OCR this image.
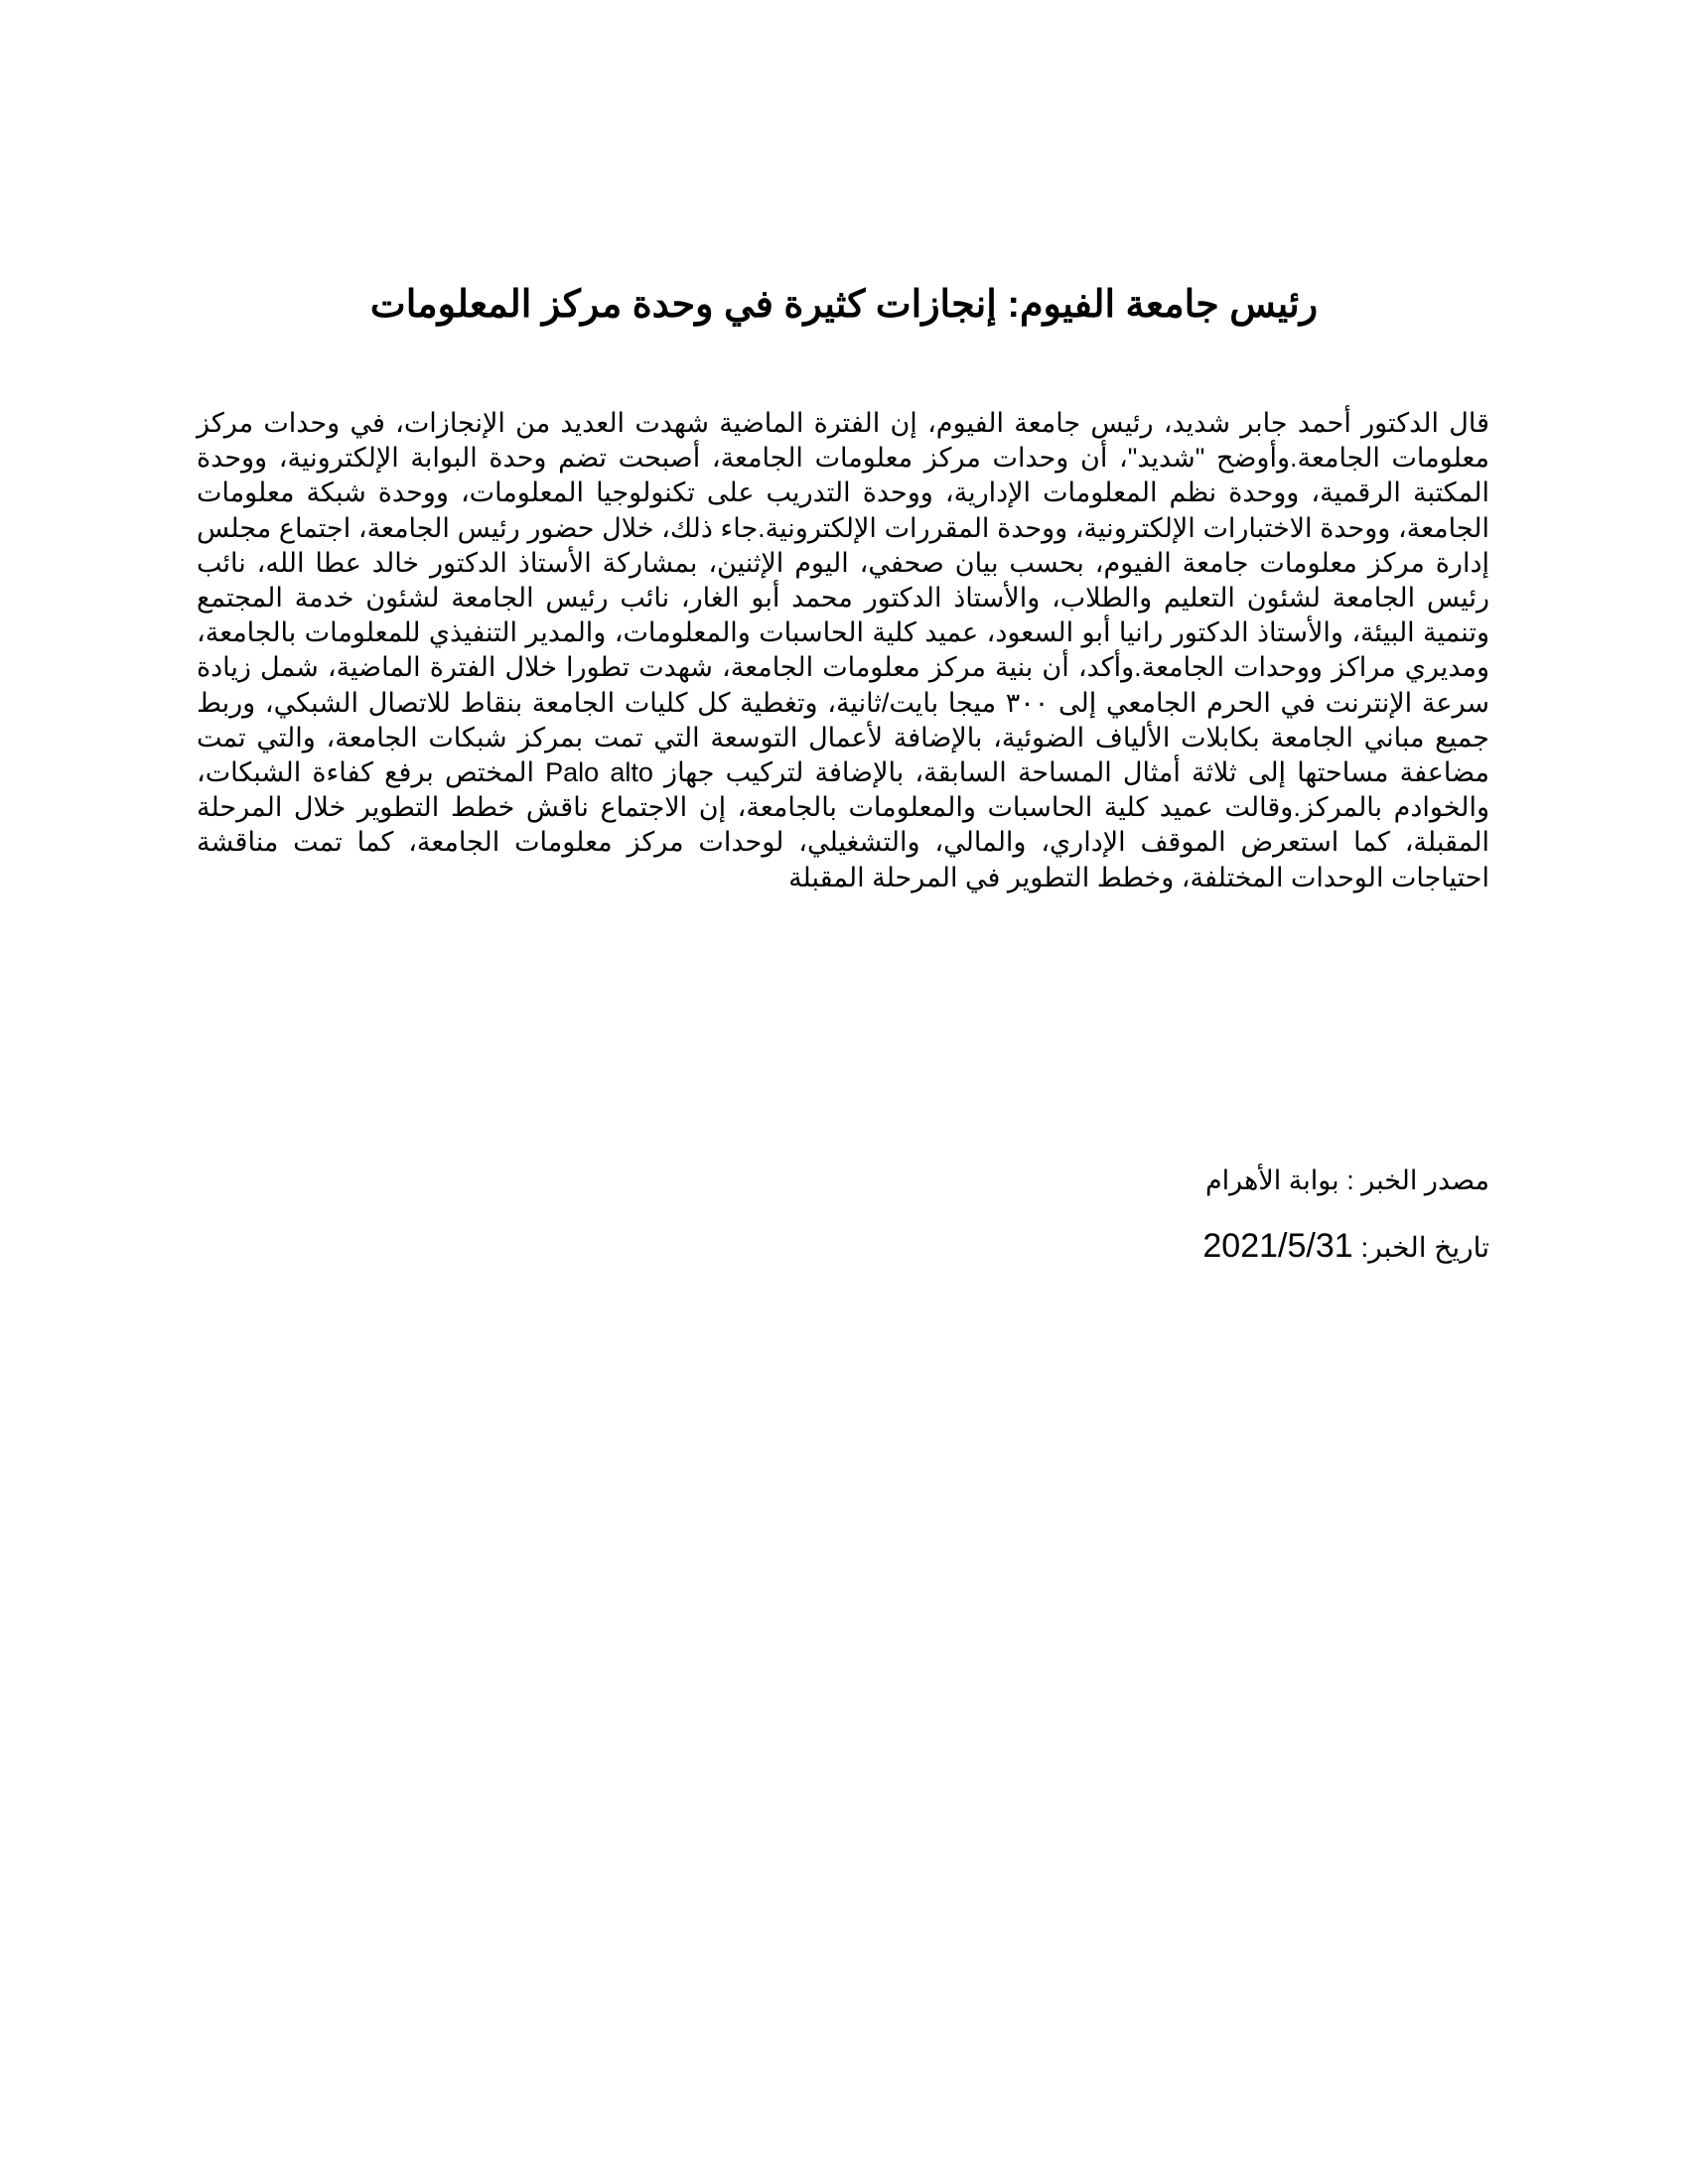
رئيس جامعة الفيوم: إنجازات كثيرة في وحدة مركز المعلومات

قال الدكتور أحمد جابر شديد، رئيس جامعة الفيوم، إن الفترة الماضية شهدت العديد من الإنجازات، في وحدات مركز معلومات الجامعة.وأوضح "شديد"، أن وحدات مركز معلومات الجامعة، أصبحت تضم وحدة البوابة الإلكترونية، ووحدة المكتبة الرقمية، ووحدة نظم المعلومات الإدارية، ووحدة التدريب على تكنولوجيا المعلومات، ووحدة شبكة معلومات الجامعة، ووحدة الاختبارات الإلكترونية، ووحدة المقررات الإلكترونية.جاء ذلك، خلال حضور رئيس الجامعة، اجتماع مجلس إدارة مركز معلومات جامعة الفيوم، بحسب بيان صحفي، اليوم الإثنين، بمشاركة الأستاذ الدكتور خالد عطا الله، نائب رئيس الجامعة لشئون التعليم والطلاب، والأستاذ الدكتور محمد أبو الغار، نائب رئيس الجامعة لشئون خدمة المجتمع وتنمية البيئة، والأستاذ الدكتور رانيا أبو السعود، عميد كلية الحاسبات والمعلومات، والمدير التنفيذي للمعلومات بالجامعة، ومديري مراكز ووحدات الجامعة.وأكد، أن بنية مركز معلومات الجامعة، شهدت تطورا خلال الفترة الماضية، شمل زيادة سرعة الإنترنت في الحرم الجامعي إلى ٣٠٠ ميجا بايت/ثانية، وتغطية كل كليات الجامعة بنقاط للاتصال الشبكي، وربط جميع مباني الجامعة بكابلات الألياف الضوئية، بالإضافة لأعمال التوسعة التي تمت بمركز شبكات الجامعة، والتي تمت مضاعفة مساحتها إلى ثلاثة أمثال المساحة السابقة، بالإضافة لتركيب جهاز Palo alto المختص برفع كفاءة الشبكات، والخوادم بالمركز.وقالت عميد كلية الحاسبات والمعلومات بالجامعة، إن الاجتماع ناقش خطط التطوير خلال المرحلة المقبلة، كما استعرض الموقف الإداري، والمالي، والتشغيلي، لوحدات مركز معلومات الجامعة، كما تمت مناقشة احتياجات الوحدات المختلفة، وخطط التطوير في المرحلة المقبلة

مصدر الخبر : بوابة الأهرام

تاريخ الخبر: 2021/5/31
